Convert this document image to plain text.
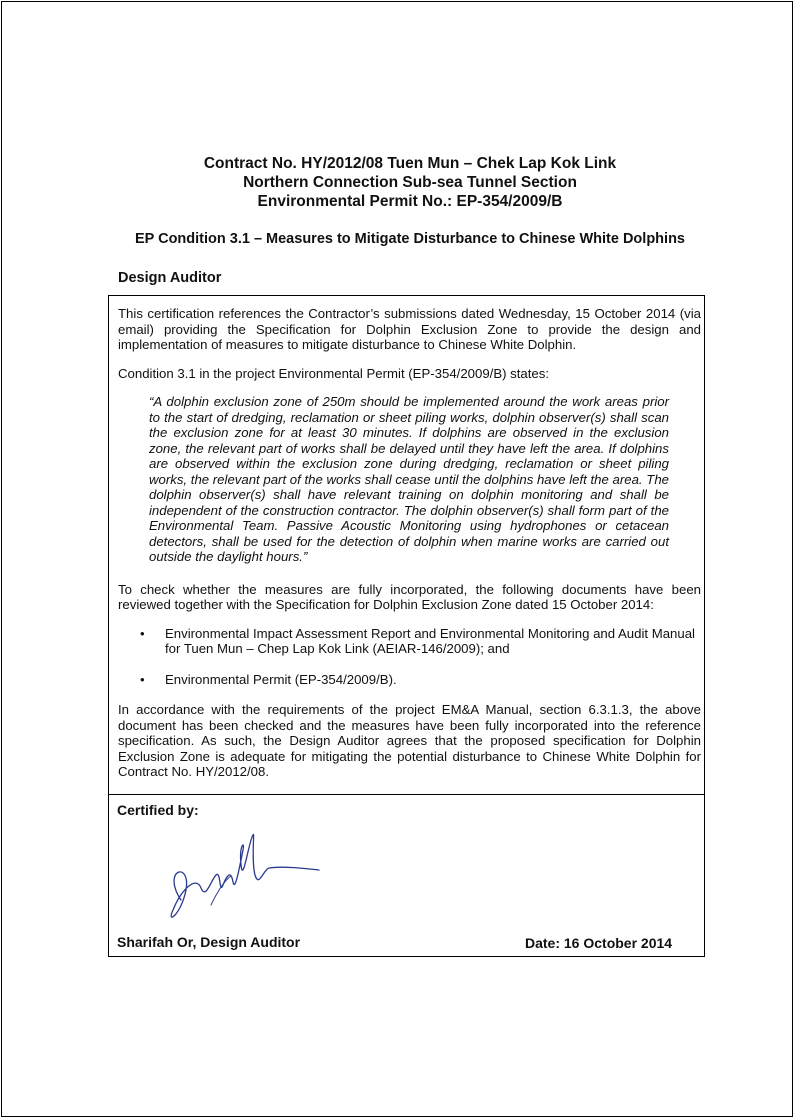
Contract No. HY/2012/08 Tuen Mun – Chek Lap Kok Link
Northern Connection Sub-sea Tunnel Section
Environmental Permit No.: EP-354/2009/B
EP Condition 3.1 – Measures to Mitigate Disturbance to Chinese White Dolphins
Design Auditor

This certification references the Contractor’s submissions dated Wednesday, 15 October 2014 (via email) providing the Specification for Dolphin Exclusion Zone to provide the design and implementation of measures to mitigate disturbance to Chinese White Dolphin.

Condition 3.1 in the project Environmental Permit (EP-354/2009/B) states:

“A dolphin exclusion zone of 250m should be implemented around the work areas prior to the start of dredging, reclamation or sheet piling works, dolphin observer(s) shall scan the exclusion zone for at least 30 minutes. If dolphins are observed in the exclusion zone, the relevant part of works shall be delayed until they have left the area. If dolphins are observed within the exclusion zone during dredging, reclamation or sheet piling works, the relevant part of the works shall cease until the dolphins have left the area. The dolphin observer(s) shall have relevant training on dolphin monitoring and shall be independent of the construction contractor. The dolphin observer(s) shall form part of the Environmental Team. Passive Acoustic Monitoring using hydrophones or cetacean detectors, shall be used for the detection of dolphin when marine works are carried out outside the daylight hours.”

To check whether the measures are fully incorporated, the following documents have been reviewed together with the Specification for Dolphin Exclusion Zone dated 15 October 2014:

• Environmental Impact Assessment Report and Environmental Monitoring and Audit Manual for Tuen Mun – Chep Lap Kok Link (AEIAR-146/2009); and
• Environmental Permit (EP-354/2009/B).

In accordance with the requirements of the project EM&A Manual, section 6.3.1.3, the above document has been checked and the measures have been fully incorporated into the reference specification. As such, the Design Auditor agrees that the proposed specification for Dolphin Exclusion Zone is adequate for mitigating the potential disturbance to Chinese White Dolphin for Contract No. HY/2012/08.

Certified by:
Sharifah Or, Design Auditor	Date: 16 October 2014
